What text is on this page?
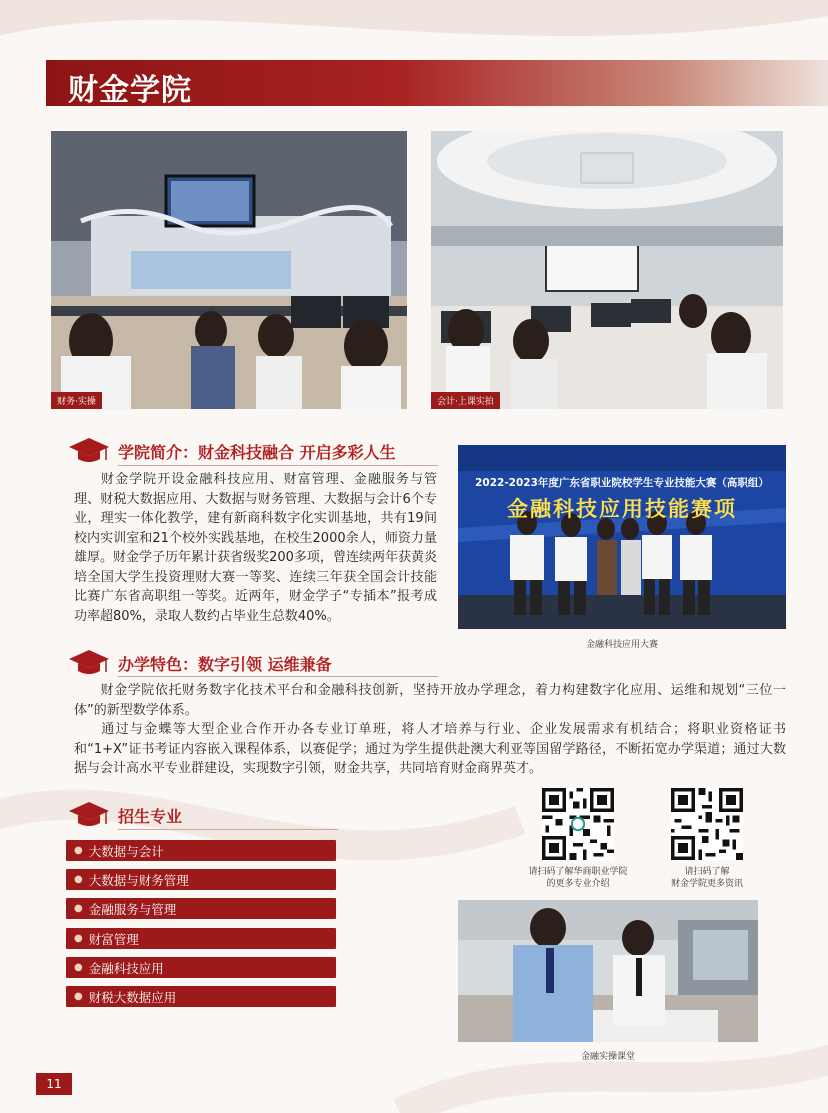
财金学院
财务·实操	会计·上课实拍
学院简介：财金科技融合 开启多彩人生
财金学院开设金融科技应用、财富管理、金融服务与管理、财税大数据应用、大数据与财务管理、大数据与会计6个专业，理实一体化教学，建有新商科数字化实训基地，共有19间校内实训室和21个校外实践基地，在校生2000余人，师资力量雄厚。财金学子历年累计获省级奖200多项，曾连续两年获黄炎培全国大学生投资理财大赛一等奖、连续三年获全国会计技能比赛广东省高职组一等奖。近两年，财金学子“专插本”报考成功率超80%，录取人数约占毕业生总数40%。
2022-2023年度广东省职业院校学生专业技能大赛（高职组）
金融科技应用技能赛项
金融科技应用大赛
办学特色：数字引领 运维兼备
财金学院依托财务数字化技术平台和金融科技创新，坚持开放办学理念，着力构建数字化应用、运维和规划“三位一体”的新型数学体系。
通过与金蝶等大型企业合作开办各专业订单班，将人才培养与行业、企业发展需求有机结合；将职业资格证书和“1+X”证书考证内容嵌入课程体系，以赛促学；通过为学生提供赴澳大利亚等国留学路径，不断拓宽办学渠道；通过大数据与会计高水平专业群建设，实现数字引领，财金共享，共同培育财金商界英才。
招生专业
● 大数据与会计
● 大数据与财务管理
● 金融服务与管理
● 财富管理
● 金融科技应用
● 财税大数据应用
请扫码了解华商职业学院
的更多专业介绍
请扫码了解
财金学院更多资讯
金融实操课堂
11
